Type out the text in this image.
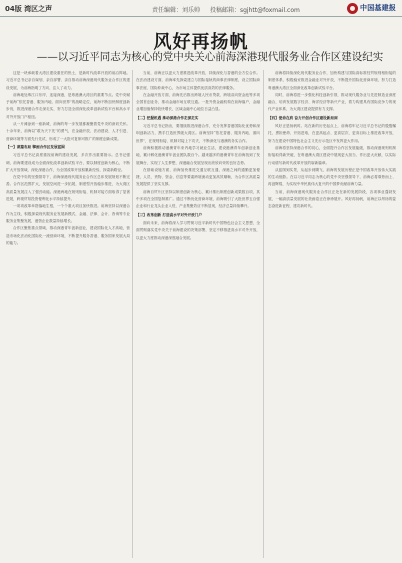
04版 湾区之声	责任编辑：刘乐帅 投稿邮箱：sgjhtt@foxmail.com	中国基建报
风好再扬帆
——以习近平同志为核心的党中央关心前海深港现代服务业合作区建设纪实

这是一块承载着大湾区建设重任的热土，是新时代改革开放的前沿阵地。习近平总书记亲自谋划、亲自部署、亲自推动前海深港现代服务业合作区的建设发展，为前海指明了方向、注入了动力。

前海地处珠江口东岸，连接深港，是粤港澳大湾区的重要节点。党中央赋予前海“依托香港、服务内地、面向世界”的战略定位，前海不断加快制度创新步伐，推进深港合作走深走实，努力打造全面深化改革创新试验平台和高水平对外开放门户枢纽。

从一片滩涂到一座新城，前海的每一步发展都凝聚着党中央的深切关怀。十余年来，前海以“敢为天下先”的勇气，在金融开放、法治建设、人才引进、营商环境等方面先行先试，形成了一大批可复制可推广的制度创新成果。

【一】谋篇布局 擘画合作区发展蓝图

习近平总书记高度重视前海的建设发展，多次作出重要指示。总书记强调，前海要建设成为全面深化改革创新试验平台，要以制度创新为核心，不断扩大开放领域，深化深港合作，为全国改革开放积累新经验、探索新路径。

在党中央的坚强领导下，前海深港现代服务业合作区总体发展规划不断完善。合作区范围扩大，发展空间进一步拓展，制度型开放稳步推进，为大湾区高质量发展注入了强劲动能。深港两地在规则衔接、机制对接方面取得了显著进展，跨境贸易投资便利化水平持续提升。

一项项改革举措落地生根，一个个重大项目加快推进。前海坚持以深港合作为主线，积极探索现代服务业发展新模式，金融、法律、会计、咨询等专业服务业集聚发展，港资企业数量持续增长。

合作区聚焦重点领域，推动深港青年创新创业，建设国际化人才高地，营造市场化法治化国际化一流营商环境，不断提升服务香港、服务国家发展大局的能力。

当前，前海正以更大力度推进改革开放，持续深化与香港的全方位合作。在法治建设方面，前海率先探索建立与国际接轨的商事法律制度，设立国际商事法庭、国际仲裁中心，为市场主体提供优质高效的法律服务。

在金融开放方面，前海先后推出跨境人民币贷款、跨境双向资金池等多项全国首创业务，推动金融市场互联互通。一批外资金融机构在前海落户，金融业增加值保持较快增长，区域金融中心地位日益凸显。

【二】把握机遇 推动深港合作走深走实

习近平总书记指出，要继续推进深港合作，充分发挥香港国际化优势和深圳创新活力，携手打造世界级大湾区。前海坚持“依托香港、服务内地、面向世界”，在规则衔接、机制对接上下功夫，不断深化与港澳的务实合作。

前海积极推动港澳青年来内地学习就业生活，建设港澳青年创新创业基地，累计孵化港澳青年创业团队数百个。越来越多的港澳青年在前海找到了发展舞台，实现了人生梦想，深港融合发展呈现出欣欣向荣的良好态势。

在基础设施方面，前海加快推进交通互联互通，深港之间的通勤更加便捷，人员、货物、资金、信息等要素跨境流动更加高效顺畅，为合作区高质量发展提供了坚实支撑。

前海自贸片区坚持以制度创新为核心，累计推出制度创新成果数百项，其中多项在全国复制推广。通过不断优化营商环境，前海吸引了大批世界五百强企业和行业龙头企业入驻，产业集聚效应不断显现，经济总量持续攀升。

【三】改革创新 打造高水平对外开放门户

面向未来，前海将深入学习贯彻习近平新时代中国特色社会主义思想，全面贯彻落实党中央关于前海建设的决策部署，坚定不移推进高水平对外开放，以更大力度推动深港深度融合发展。

前海将持续深化现代服务业合作，加快构建与国际高标准经贸规则相衔接的制度体系，积极稳妥推进金融业对外开放，不断提升国际化营商环境，努力打造粤港澳大湾区全面深化改革创新试验平台。

同时，前海将进一步强化科技创新引领，推动现代服务业与先进制造业深度融合，培育发展数字经济、海洋经济等新兴产业，着力构建具有国际竞争力的现代产业体系，为大湾区建设提供有力支撑。

【四】使命在肩 奋力开创合作区建设新局面

风好正是扬帆时。站在新的历史起点上，前海将牢记习近平总书记的殷殷嘱托，勇担使命、开拓进取，在更高起点、更高层次、更高目标上推进改革开放，努力在建设中国特色社会主义先行示范区中发挥更大作用。

前海将坚持深港合作的初心，全面提升合作区发展能级，推动深港规则机制衔接取得新突破，在粤港澳大湾区建设中展现更大担当、作出更大贡献，以实际行动谱写新时代改革开放的崭新篇章。

从蓝图到实景，从起步到腾飞，前海的发展历程正是中国改革开放伟大实践的生动缩影。在以习近平同志为核心的党中央坚强领导下，前海必将乘势而上、再创辉煌，为实现中华民族伟大复兴的中国梦贡献前海力量。

当前，前海深港现代服务业合作区正处在新的发展阶段，各项事业蓬勃发展，一幅高质量发展的壮美画卷正在徐徐展开。风好再扬帆，前海正以昂扬的姿态奋进新征程、建功新时代。
